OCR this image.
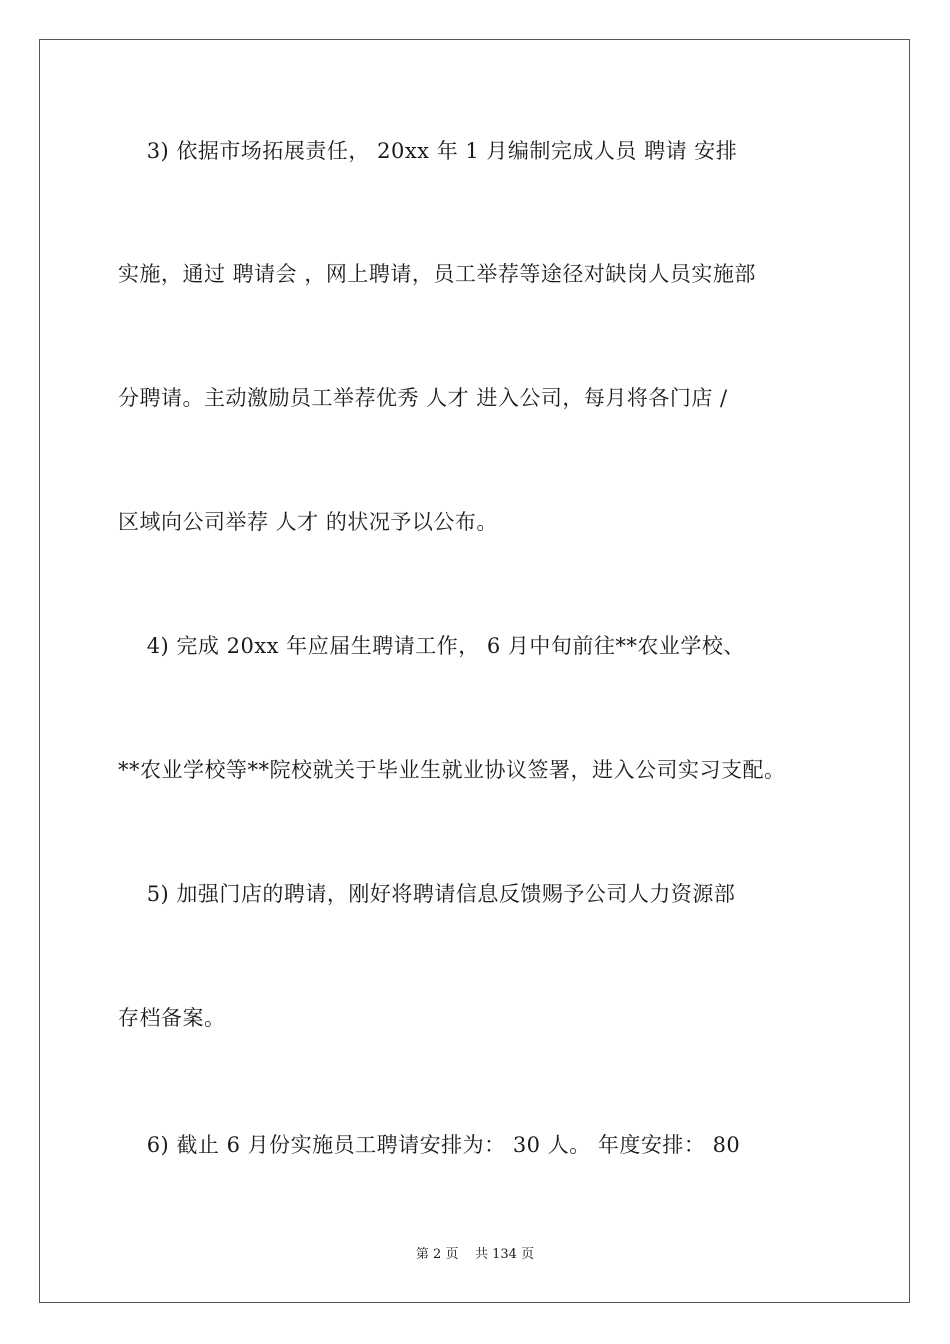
3) 依据市场拓展责任， 20xx 年 1 月编制完成人员 聘请 安排
实施，通过 聘请会 ，网上聘请，员工举荐等途径对缺岗人员实施部
分聘请。主动激励员工举荐优秀 人才 进入公司，每月将各门店 /
区域向公司举荐 人才 的状况予以公布。
4) 完成 20xx 年应届生聘请工作， 6 月中旬前往**农业学校、
**农业学校等**院校就关于毕业生就业协议签署，进入公司实习支配。
5) 加强门店的聘请，刚好将聘请信息反馈赐予公司人力资源部
存档备案。
6) 截止 6 月份实施员工聘请安排为： 30 人。 年度安排： 80
第 2 页    共 134 页
